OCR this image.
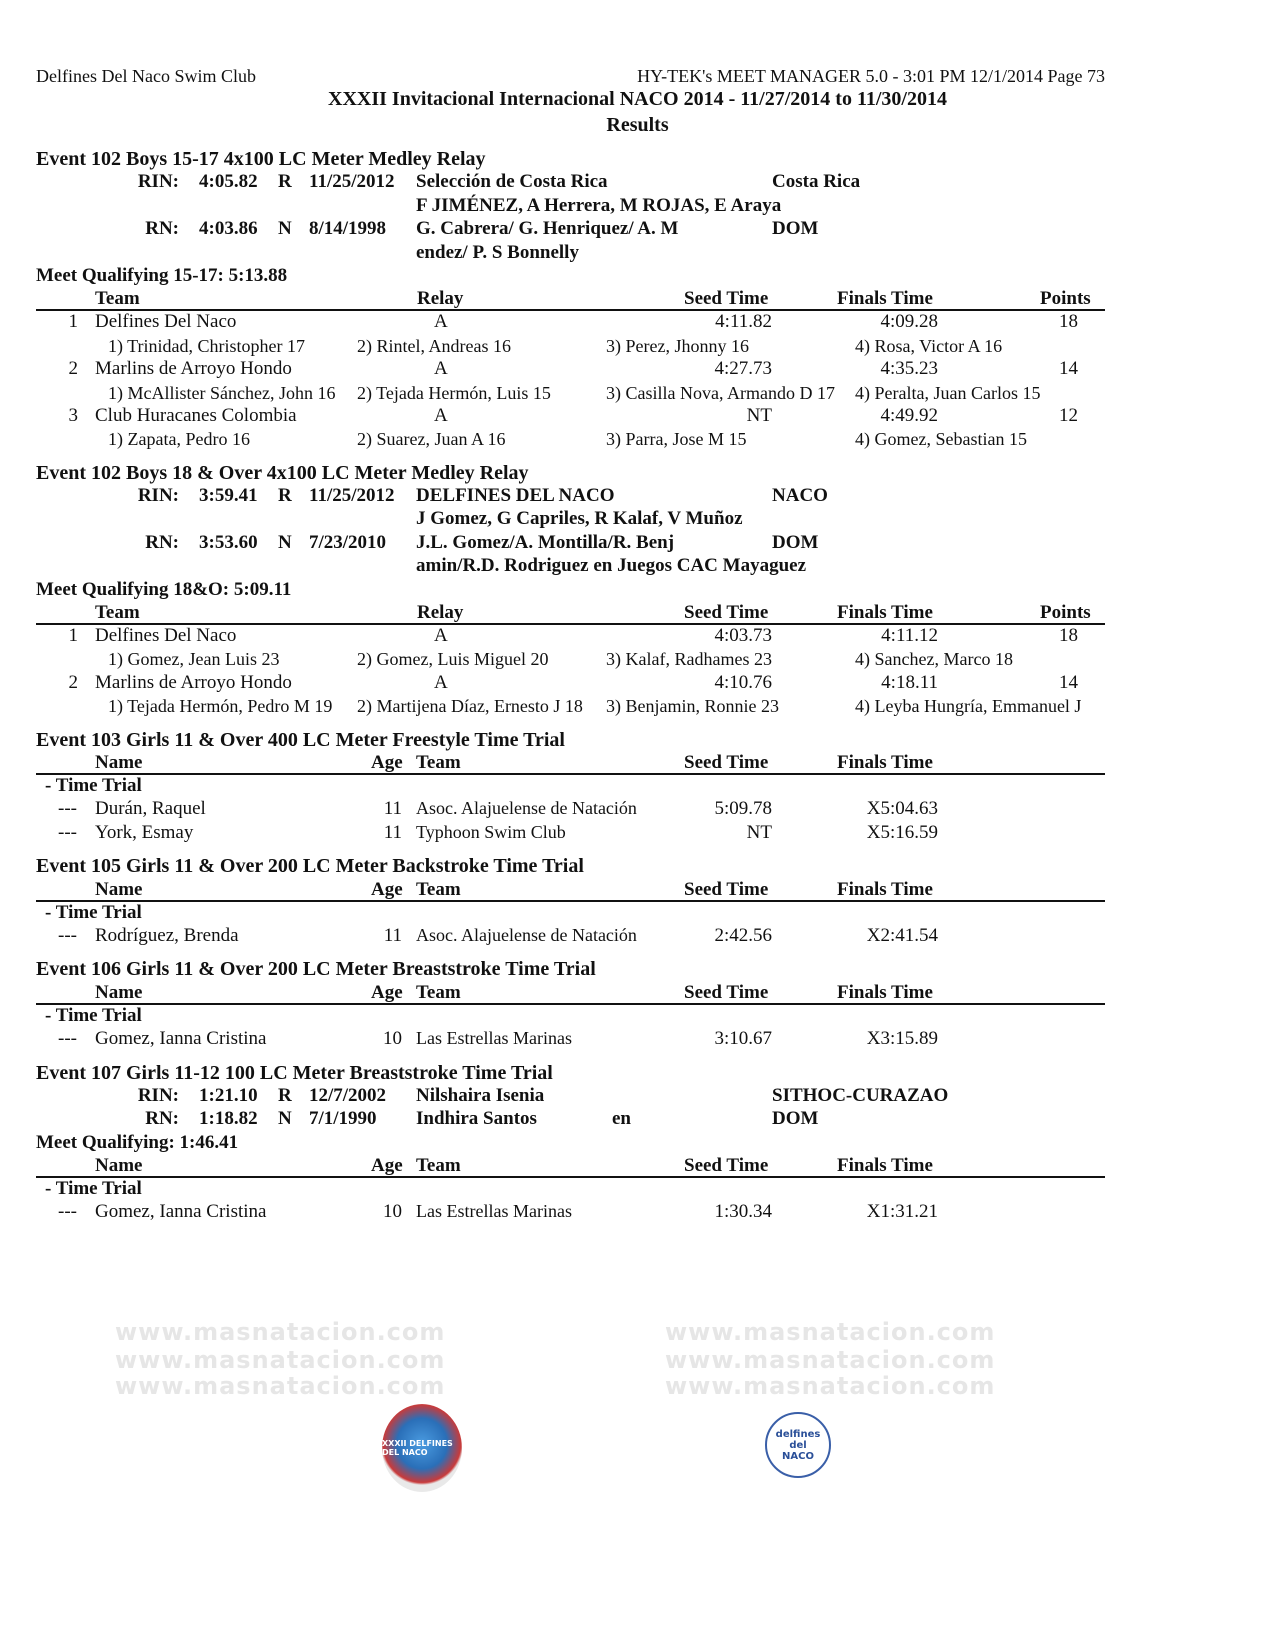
Delfines Del Naco Swim Club	HY-TEK's MEET MANAGER 5.0 - 3:01 PM 12/1/2014 Page 73
XXXII Invitacional Internacional NACO 2014 - 11/27/2014 to 11/30/2014
Results
www.masnatacion.com	www.masnatacion.com
www.masnatacion.com	www.masnatacion.com
www.masnatacion.com	www.masnatacion.com
Event 102 Boys 15-17 4x100 LC Meter Medley Relay
RIN: 4:05.82 R 11/25/2012 Selección de Costa Rica	Costa Rica
F JIMÉNEZ, A Herrera, M ROJAS, E Araya
RN: 4:03.86 N 8/14/1998 G. Cabrera/ G. Henriquez/ A. M	DOM
endez/ P. S Bonnelly
Meet Qualifying 15-17: 5:13.88
Team	Relay	Seed Time	Finals Time	Points
1 Delfines Del Naco	A	4:11.82	4:09.28	18
1) Trinidad, Christopher 17	2) Rintel, Andreas 16	3) Perez, Jhonny 16	4) Rosa, Victor A 16
2 Marlins de Arroyo Hondo	A	4:27.73	4:35.23	14
1) McAllister Sánchez, John 16	2) Tejada Hermón, Luis 15	3) Casilla Nova, Armando D 17	4) Peralta, Juan Carlos 15
3 Club Huracanes Colombia	A	NT	4:49.92	12
1) Zapata, Pedro 16	2) Suarez, Juan A 16	3) Parra, Jose M 15	4) Gomez, Sebastian 15
Event 102 Boys 18 & Over 4x100 LC Meter Medley Relay
RIN: 3:59.41 R 11/25/2012 DELFINES DEL NACO	NACO
J Gomez, G Capriles, R Kalaf, V Muñoz
RN: 3:53.60 N 7/23/2010 J.L. Gomez/A. Montilla/R. Benj	DOM
amin/R.D. Rodriguez en Juegos CAC Mayaguez
Meet Qualifying 18&O: 5:09.11
Team	Relay	Seed Time	Finals Time	Points
1 Delfines Del Naco	A	4:03.73	4:11.12	18
1) Gomez, Jean Luis 23	2) Gomez, Luis Miguel 20	3) Kalaf, Radhames 23	4) Sanchez, Marco 18
2 Marlins de Arroyo Hondo	A	4:10.76	4:18.11	14
1) Tejada Hermón, Pedro M 19	2) Martijena Díaz, Ernesto J 18	3) Benjamin, Ronnie 23	4) Leyba Hungría, Emmanuel J
Event 103 Girls 11 & Over 400 LC Meter Freestyle Time Trial
Name	Age Team	Seed Time	Finals Time
- Time Trial
--- Durán, Raquel	11 Asoc. Alajuelense de Natación	5:09.78	X5:04.63
--- York, Esmay	11 Typhoon Swim Club	NT	X5:16.59
Event 105 Girls 11 & Over 200 LC Meter Backstroke Time Trial
Name	Age Team	Seed Time	Finals Time
- Time Trial
--- Rodríguez, Brenda	11 Asoc. Alajuelense de Natación	2:42.56	X2:41.54
Event 106 Girls 11 & Over 200 LC Meter Breaststroke Time Trial
Name	Age Team	Seed Time	Finals Time
- Time Trial
--- Gomez, Ianna Cristina	10 Las Estrellas Marinas	3:10.67	X3:15.89
Event 107 Girls 11-12 100 LC Meter Breaststroke Time Trial
RIN: 1:21.10 R 12/7/2002 Nilshaira Isenia	SITHOC-CURAZAO
RN: 1:18.82 N 7/1/1990 Indhira Santos	en	DOM
Meet Qualifying: 1:46.41
Name	Age Team	Seed Time	Finals Time
- Time Trial
--- Gomez, Ianna Cristina	10 Las Estrellas Marinas	1:30.34	X1:31.21
XXXII DELFINES DEL NACO
delfines del NACO
